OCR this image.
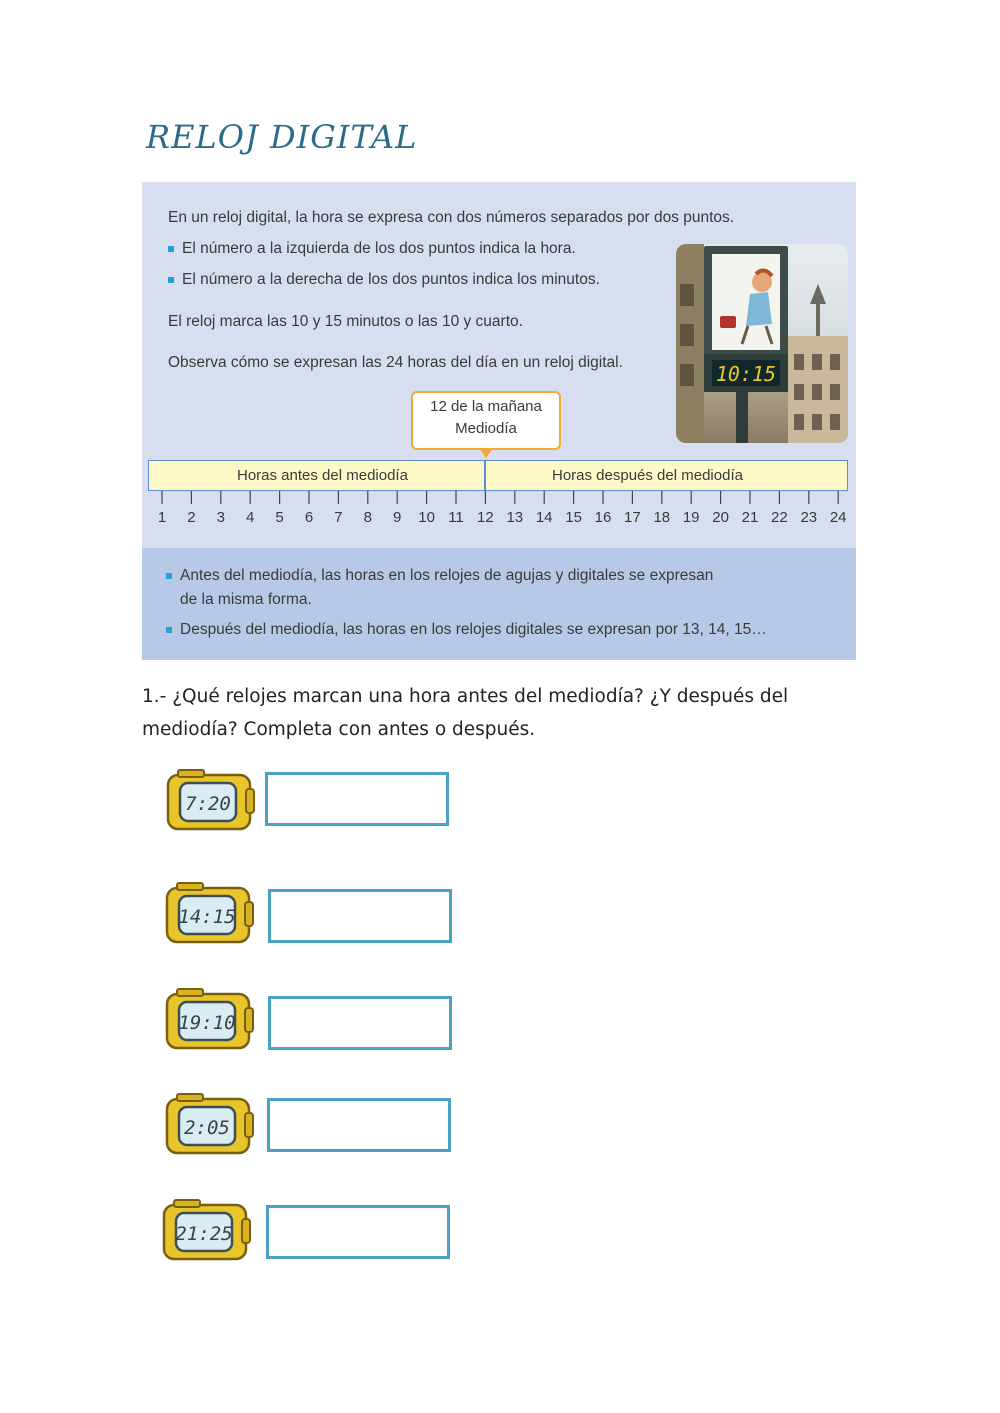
RELOJ DIGITAL
En un reloj digital, la hora se expresa con dos números separados por dos puntos.
El número a la izquierda de los dos puntos indica la hora.
El número a la derecha de los dos puntos indica los minutos.
El reloj marca las 10 y 15 minutos o las 10 y cuarto.
Observa cómo se expresan las 24 horas del día en un reloj digital.	10:15
12 de la mañana
Mediodía
Horas antes del mediodía	Horas después del mediodía
1	2	3	4	5	6	7	8	9	10 11 12 13 14 15 16 17 18 19 20 21 22 23 24
Antes del mediodía, las horas en los relojes de agujas y digitales se expresan
de la misma forma.
Después del mediodía, las horas en los relojes digitales se expresan por 13, 14, 15…
1.- ¿Qué relojes marcan una hora antes del mediodía? ¿Y después del mediodía? Completa con antes o después.
7:20
14:15
19:10
2:05
21:25
